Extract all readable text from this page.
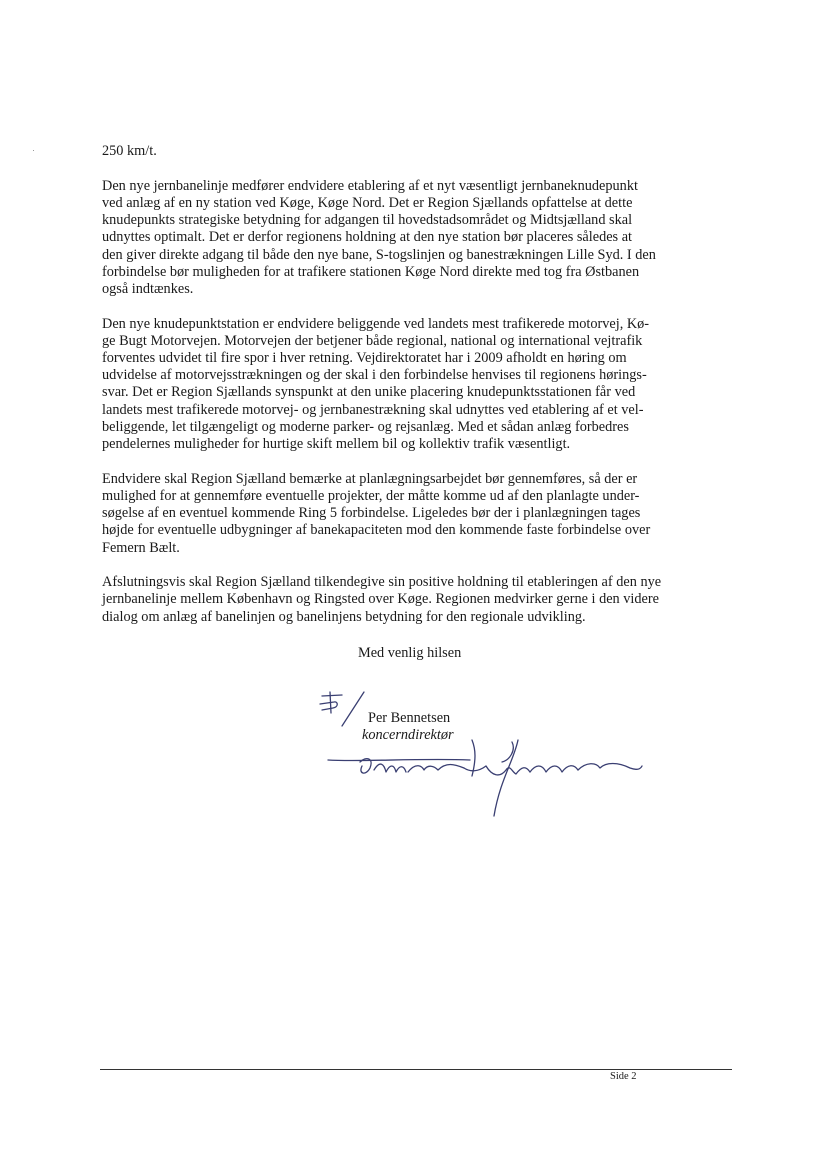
250 km/t.

Den nye jernbanelinje medfører endvidere etablering af et nyt væsentligt jernbaneknudepunkt
ved anlæg af en ny station ved Køge, Køge Nord. Det er Region Sjællands opfattelse at dette
knudepunkts strategiske betydning for adgangen til hovedstadsområdet og Midtsjælland skal
udnyttes optimalt. Det er derfor regionens holdning at den nye station bør placeres således at
den giver direkte adgang til både den nye bane, S-togslinjen og banestrækningen Lille Syd. I den
forbindelse bør muligheden for at trafikere stationen Køge Nord direkte med tog fra Østbanen
også indtænkes.

Den nye knudepunktstation er endvidere beliggende ved landets mest trafikerede motorvej, Kø-
ge Bugt Motorvejen. Motorvejen der betjener både regional, national og international vejtrafik
forventes udvidet til fire spor i hver retning. Vejdirektoratet har i 2009 afholdt en høring om
udvidelse af motorvejsstrækningen og der skal i den forbindelse henvises til regionens hørings-
svar. Det er Region Sjællands synspunkt at den unike placering knudepunktsstationen får ved
landets mest trafikerede motorvej- og jernbanestrækning skal udnyttes ved etablering af et vel-
beliggende, let tilgængeligt og moderne parker- og rejsanlæg. Med et sådan anlæg forbedres
pendelernes muligheder for hurtige skift mellem bil og kollektiv trafik væsentligt.

Endvidere skal Region Sjælland bemærke at planlægningsarbejdet bør gennemføres, så der er
mulighed for at gennemføre eventuelle projekter, der måtte komme ud af den planlagte under-
søgelse af en eventuel kommende Ring 5 forbindelse. Ligeledes bør der i planlægningen tages
højde for eventuelle udbygninger af banekapaciteten mod den kommende faste forbindelse over
Femern Bælt.

Afslutningsvis skal Region Sjælland tilkendegive sin positive holdning til etableringen af den nye
jernbanelinje mellem København og Ringsted over Køge. Regionen medvirker gerne i den videre
dialog om anlæg af banelinjen og banelinjens betydning for den regionale udvikling.

Med venlig hilsen
Per Bennetsen
koncerndirektør
Side 2
